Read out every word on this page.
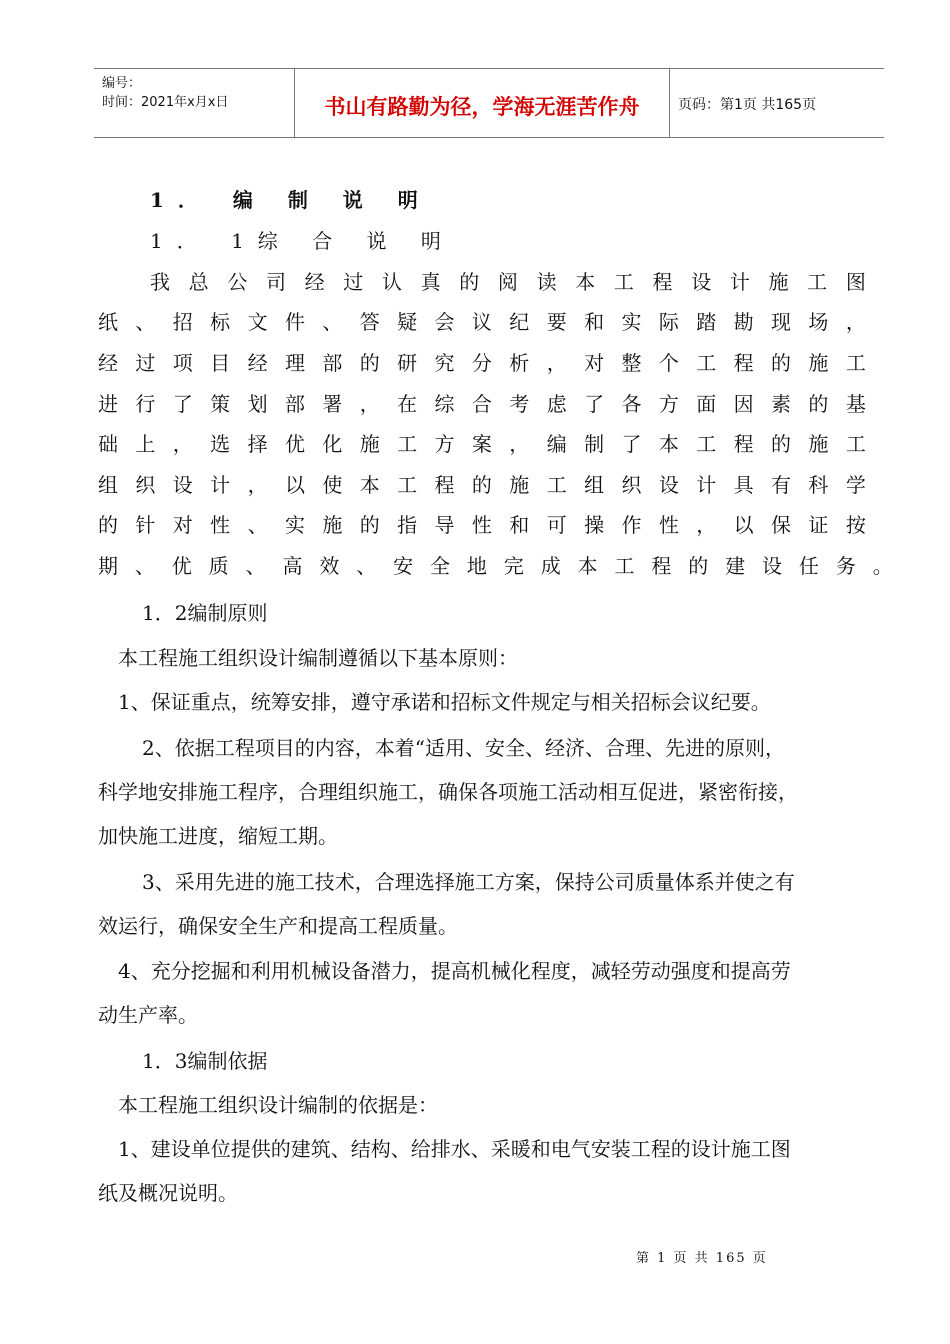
编号：
时间：2021年x月x日	书山有路勤为径，学海无涯苦作舟	页码：第1页 共165页
1． 编 制 说 明
1． 1综 合 说 明
我 总 公 司 经 过 认 真 的 阅 读 本 工 程 设 计 施 工 图
纸 、 招 标 文 件 、 答 疑 会 议 纪 要 和 实 际 踏 勘 现 场 ，
经 过 项 目 经 理 部 的 研 究 分 析 ， 对 整 个 工 程 的 施 工
进 行 了 策 划 部 署 ， 在 综 合 考 虑 了 各 方 面 因 素 的 基
础 上 ， 选 择 优 化 施 工 方 案 ， 编 制 了 本 工 程 的 施 工
组 织 设 计 ， 以 使 本 工 程 的 施 工 组 织 设 计 具 有 科 学
的 针 对 性 、 实 施 的 指 导 性 和 可 操 作 性 ， 以 保 证 按
期 、 优 质 、 高 效 、 安 全 地 完 成 本 工 程 的 建 设 任 务 。
1．2编制原则
本工程施工组织设计编制遵循以下基本原则：
1、保证重点，统筹安排，遵守承诺和招标文件规定与相关招标会议纪要。
2、依据工程项目的内容，本着“适用、安全、经济、合理、先进的原则，
科学地安排施工程序，合理组织施工，确保各项施工活动相互促进，紧密衔接，
加快施工进度，缩短工期。
3、采用先进的施工技术，合理选择施工方案，保持公司质量体系并使之有
效运行，确保安全生产和提高工程质量。
4、充分挖掘和利用机械设备潜力，提高机械化程度，减轻劳动强度和提高劳
动生产率。
1．3编制依据
本工程施工组织设计编制的依据是：
1、建设单位提供的建筑、结构、给排水、采暖和电气安装工程的设计施工图
纸及概况说明。
第 1 页 共 165 页
